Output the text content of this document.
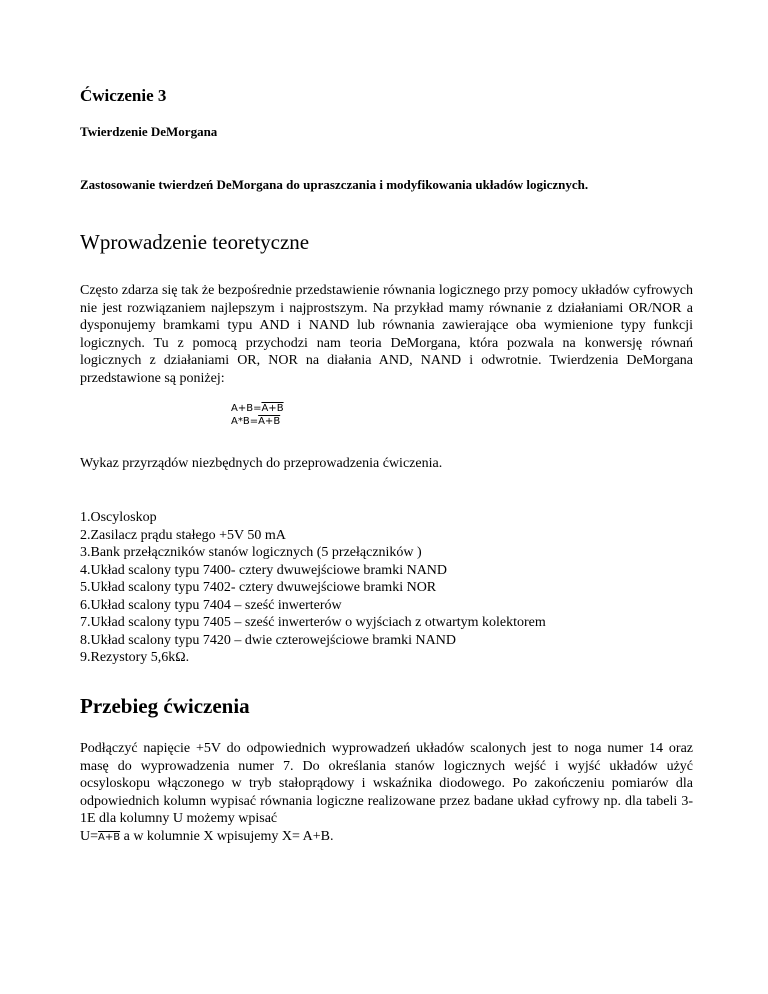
Ćwiczenie 3
Twierdzenie DeMorgana
Zastosowanie twierdzeń DeMorgana do upraszczania i modyfikowania układów logicznych.
Wprowadzenie teoretyczne
Często zdarza się tak że bezpośrednie przedstawienie równania logicznego przy pomocy układów cyfrowych nie jest rozwiązaniem najlepszym i najprostszym. Na przykład mamy równanie z działaniami OR/NOR a dysponujemy bramkami typu AND i NAND lub równania zawierające oba wymienione typy funkcji logicznych. Tu z pomocą przychodzi nam teoria DeMorgana, która pozwala na konwersję równań logicznych z działaniami OR, NOR na diałania AND, NAND i odwrotnie. Twierdzenia DeMorgana przedstawione są poniżej:
A+B=A+B
A*B=A+B
Wykaz przyrządów niezbędnych do przeprowadzenia ćwiczenia.
1.Oscyloskop
2.Zasilacz prądu stałego +5V 50 mA
3.Bank przełączników stanów logicznych (5 przełączników )
4.Układ scalony typu 7400- cztery dwuwejściowe bramki NAND
5.Układ scalony typu 7402- cztery dwuwejściowe bramki NOR
6.Układ scalony typu 7404 – sześć inwerterów
7.Układ scalony typu 7405 – sześć inwerterów o wyjściach z otwartym kolektorem
8.Układ scalony typu 7420 – dwie czterowejściowe bramki NAND
9.Rezystory 5,6kΩ.
Przebieg ćwiczenia
Podłączyć napięcie +5V do odpowiednich wyprowadzeń układów scalonych jest to noga numer 14 oraz masę do wyprowadzenia numer 7. Do określania stanów logicznych wejść i wyjść układów użyć ocsyloskopu włączonego w tryb stałoprądowy i wskaźnika diodowego. Po zakończeniu pomiarów dla odpowiednich kolumn wypisać równania logiczne realizowane przez badane układ cyfrowy np. dla tabeli 3-1E dla kolumny U możemy wpisać
U=A+B a w kolumnie X wpisujemy X= A+B.
